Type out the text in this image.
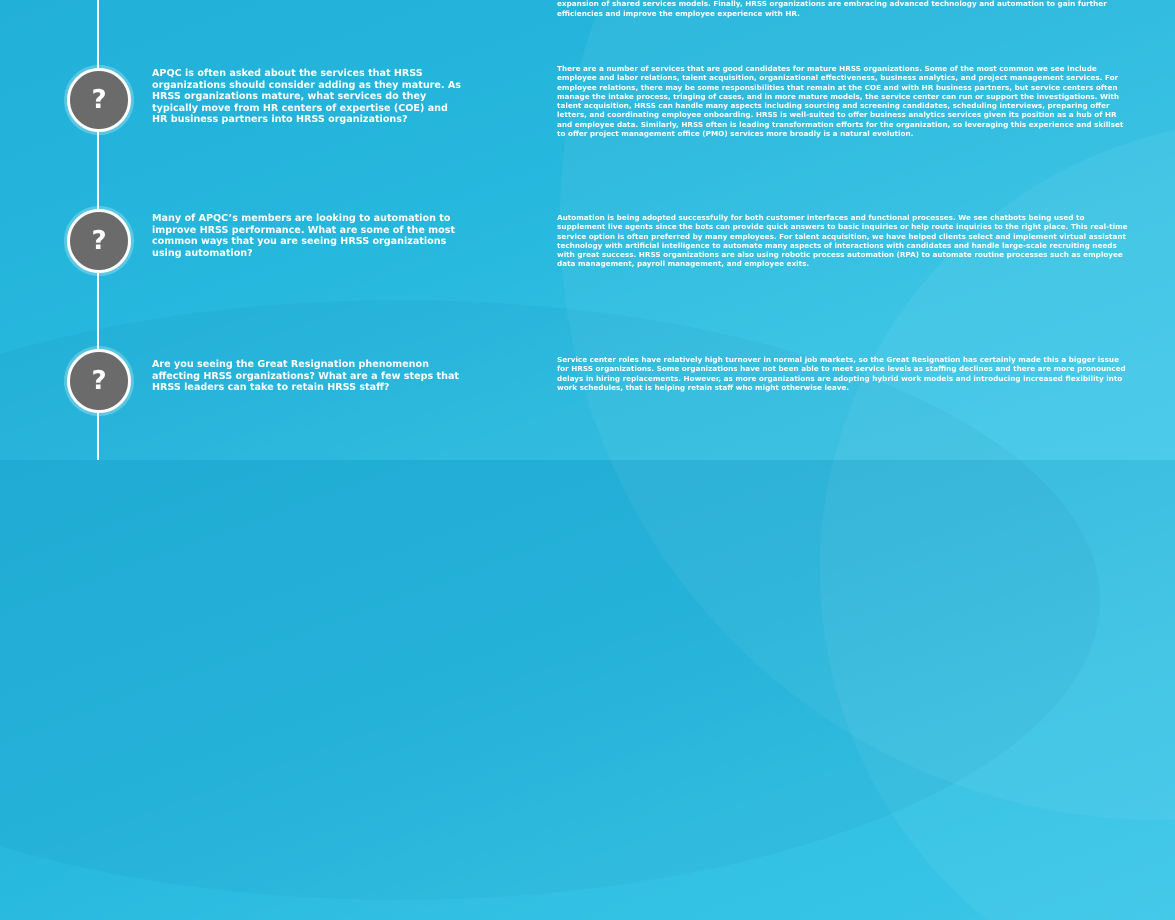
expansion of shared services models. Finally, HRSS organizations are embracing advanced technology and automation to gain further efficiencies and improve the employee experience with HR.

?

APQC is often asked about the services that HRSS organizations should consider adding as they mature. As HRSS organizations mature, what services do they typically move from HR centers of expertise (COE) and HR business partners into HRSS organizations?

There are a number of services that are good candidates for mature HRSS organizations. Some of the most common we see include employee and labor relations, talent acquisition, organizational effectiveness, business analytics, and project management services. For employee relations, there may be some responsibilities that remain at the COE and with HR business partners, but service centers often manage the intake process, triaging of cases, and in more mature models, the service center can run or support the investigations. With talent acquisition, HRSS can handle many aspects including sourcing and screening candidates, scheduling interviews, preparing offer letters, and coordinating employee onboarding. HRSS is well-suited to offer business analytics services given its position as a hub of HR and employee data. Similarly, HRSS often is leading transformation efforts for the organization, so leveraging this experience and skillset to offer project management office (PMO) services more broadly is a natural evolution.

?

Many of APQC’s members are looking to automation to improve HRSS performance. What are some of the most common ways that you are seeing HRSS organizations using automation?

Automation is being adopted successfully for both customer interfaces and functional processes. We see chatbots being used to supplement live agents since the bots can provide quick answers to basic inquiries or help route inquiries to the right place. This real-time service option is often preferred by many employees. For talent acquisition, we have helped clients select and implement virtual assistant technology with artificial intelligence to automate many aspects of interactions with candidates and handle large-scale recruiting needs with great success. HRSS organizations are also using robotic process automation (RPA) to automate routine processes such as employee data management, payroll management, and employee exits.

?

Are you seeing the Great Resignation phenomenon affecting HRSS organizations? What are a few steps that HRSS leaders can take to retain HRSS staff?

Service center roles have relatively high turnover in normal job markets, so the Great Resignation has certainly made this a bigger issue for HRSS organizations. Some organizations have not been able to meet service levels as staffing declines and there are more pronounced delays in hiring replacements. However, as more organizations are adopting hybrid work models and introducing increased flexibility into work schedules, that is helping retain staff who might otherwise leave.
